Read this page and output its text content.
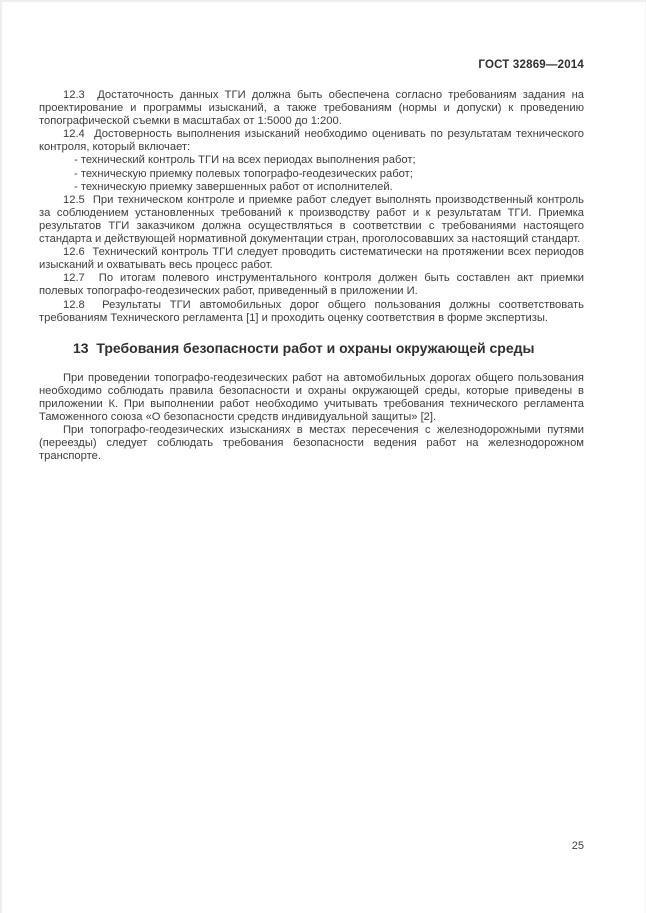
ГОСТ 32869—2014

12.3  Достаточность данных ТГИ должна быть обеспечена согласно требованиям задания на проектирование и программы изысканий, а также требованиям (нормы и допуски) к проведению топографической съемки в масштабах от 1:5000 до 1:200.

12.4  Достоверность выполнения изысканий необходимо оценивать по результатам технического контроля, который включает:

- технический контроль ТГИ на всех периодах выполнения работ;

- техническую приемку полевых топографо-геодезических работ;

- техническую приемку завершенных работ от исполнителей.

12.5  При техническом контроле и приемке работ следует выполнять производственный контроль за соблюдением установленных требований к производству работ и к результатам ТГИ. Приемка результатов ТГИ заказчиком должна осуществляться в соответствии с требованиями настоящего стандарта и действующей нормативной документации стран, проголосовавших за настоящий стандарт.

12.6  Технический контроль ТГИ следует проводить систематически на протяжении всех периодов изысканий и охватывать весь процесс работ.

12.7  По итогам полевого инструментального контроля должен быть составлен акт приемки полевых топографо-геодезических работ, приведенный в приложении И.

12.8  Результаты ТГИ автомобильных дорог общего пользования должны соответствовать требованиям Технического регламента [1] и проходить оценку соответствия в форме экспертизы.

13  Требования безопасности работ и охраны окружающей среды

При проведении топографо-геодезических работ на автомобильных дорогах общего пользования необходимо соблюдать правила безопасности и охраны окружающей среды, которые приведены в приложении К. При выполнении работ необходимо учитывать требования технического регламента Таможенного союза «О безопасности средств индивидуальной защиты» [2].

При топографо-геодезических изысканиях в местах пересечения с железнодорожными путями (переезды) следует соблюдать требования безопасности ведения работ на железнодорожном транспорте.

25
